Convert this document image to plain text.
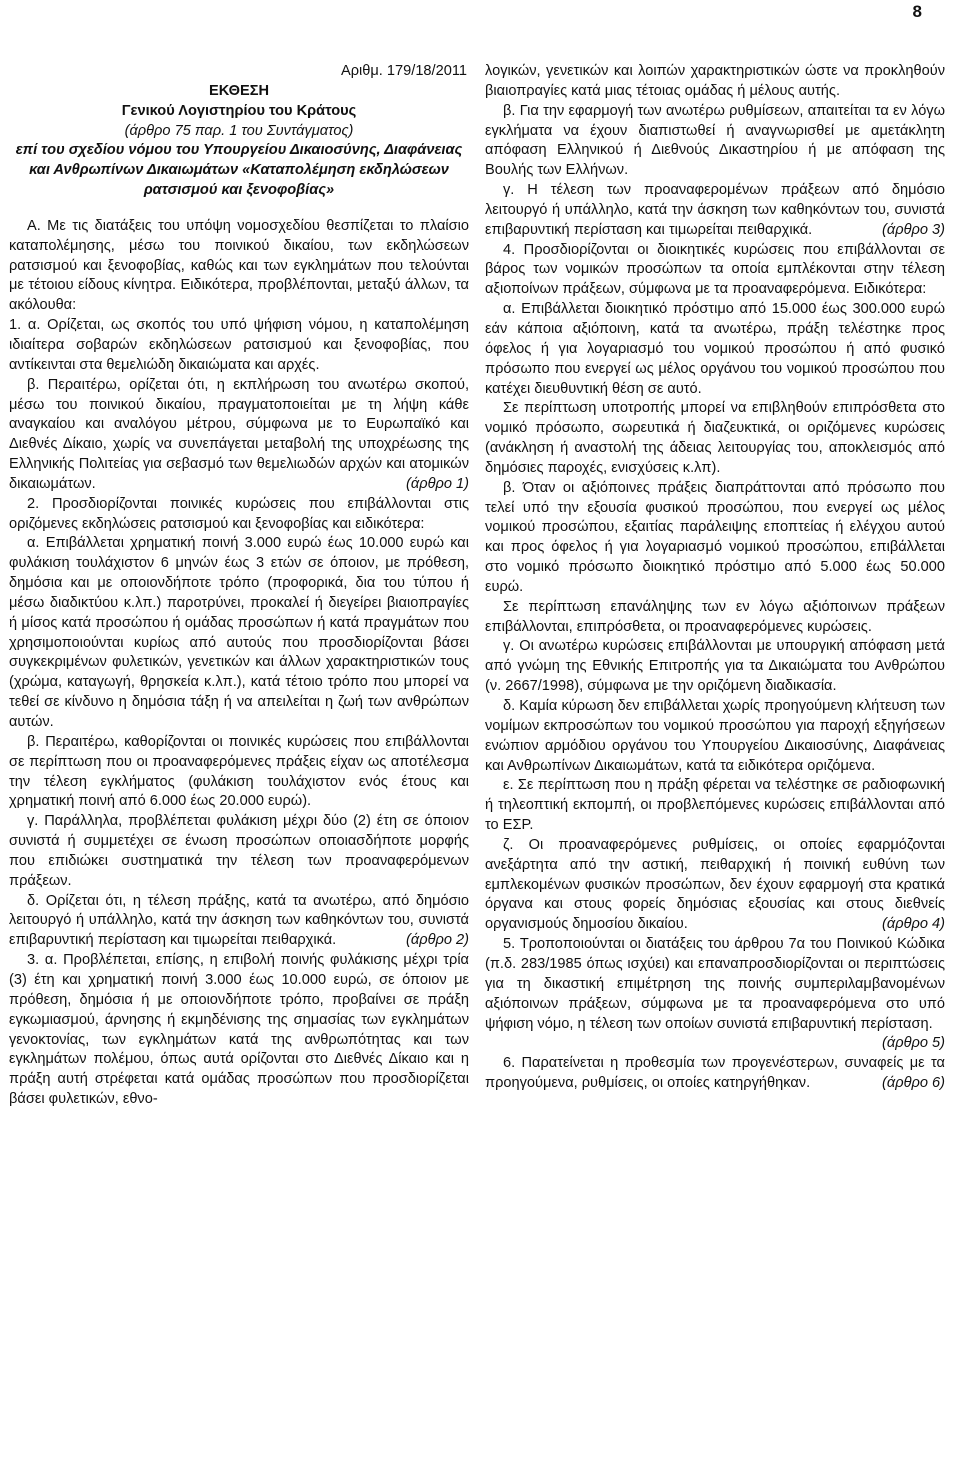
8
Αριθμ. 179/18/2011
ΕΚΘΕΣΗ
Γενικού Λογιστηρίου του Κράτους
(άρθρο 75 παρ. 1 του Συντάγματος)
επί του σχεδίου νόμου του Υπουργείου Δικαιοσύνης, Διαφάνειας και Ανθρωπίνων Δικαιωμάτων «Καταπολέμηση εκδηλώσεων ρατσισμού και ξενοφοβίας»
Α. Με τις διατάξεις του υπόψη νομοσχεδίου θεσπίζεται το πλαίσιο καταπολέμησης, μέσω του ποινικού δικαίου, των εκδηλώσεων ρατσισμού και ξενοφοβίας, καθώς και των εγκλημάτων που τελούνται με τέτοιου είδους κίνητρα. Ειδικότερα, προβλέπονται, μεταξύ άλλων, τα ακόλουθα:
1. α. Ορίζεται, ως σκοπός του υπό ψήφιση νόμου, η καταπολέμηση ιδιαίτερα σοβαρών εκδηλώσεων ρατσισμού και ξενοφοβίας, που αντίκεινται στα θεμελιώδη δικαιώματα και αρχές.
β. Περαιτέρω, ορίζεται ότι, η εκπλήρωση του ανωτέρω σκοπού, μέσω του ποινικού δικαίου, πραγματοποιείται με τη λήψη κάθε αναγκαίου και αναλόγου μέτρου, σύμφωνα με το Ευρωπαϊκό και Διεθνές Δίκαιο, χωρίς να συνεπάγεται μεταβολή της υποχρέωσης της Ελληνικής Πολιτείας για σεβασμό των θεμελιωδών αρχών και ατομικών δικαιωμάτων.	(άρθρο 1)
2. Προσδιορίζονται ποινικές κυρώσεις που επιβάλλονται στις οριζόμενες εκδηλώσεις ρατσισμού και ξενοφοβίας και ειδικότερα:
α. Επιβάλλεται χρηματική ποινή 3.000 ευρώ έως 10.000 ευρώ και φυλάκιση τουλάχιστον 6 μηνών έως 3 ετών σε όποιον, με πρόθεση, δημόσια και με οποιονδήποτε τρόπο (προφορικά, δια του τύπου ή μέσω διαδικτύου κ.λπ.) παροτρύνει, προκαλεί ή διεγείρει βιαιοπραγίες ή μίσος κατά προσώπου ή ομάδας προσώπων ή κατά πραγμάτων που χρησιμοποιούνται κυρίως από αυτούς που προσδιορίζονται βάσει συγκεκριμένων φυλετικών, γενετικών και άλλων χαρακτηριστικών τους (χρώμα, καταγωγή, θρησκεία κ.λπ.), κατά τέτοιο τρόπο που μπορεί να τεθεί σε κίνδυνο η δημόσια τάξη ή να απειλείται η ζωή των ανθρώπων αυτών.
β. Περαιτέρω, καθορίζονται οι ποινικές κυρώσεις που επιβάλλονται σε περίπτωση που οι προαναφερόμενες πράξεις είχαν ως αποτέλεσμα την τέλεση εγκλήματος (φυλάκιση τουλάχιστον ενός έτους και χρηματική ποινή από 6.000 έως 20.000 ευρώ).
γ. Παράλληλα, προβλέπεται φυλάκιση μέχρι δύο (2) έτη σε όποιον συνιστά ή συμμετέχει σε ένωση προσώπων οποιασδήποτε μορφής που επιδιώκει συστηματικά την τέλεση των προαναφερόμενων πράξεων.
δ. Ορίζεται ότι, η τέλεση πράξης, κατά τα ανωτέρω, από δημόσιο λειτουργό ή υπάλληλο, κατά την άσκηση των καθηκόντων του, συνιστά επιβαρυντική περίσταση και τιμωρείται πειθαρχικά.	(άρθρο 2)
3. α. Προβλέπεται, επίσης, η επιβολή ποινής φυλάκισης μέχρι τρία (3) έτη και χρηματική ποινή 3.000 έως 10.000 ευρώ, σε όποιον με πρόθεση, δημόσια ή με οποιονδήποτε τρόπο, προβαίνει σε πράξη εγκωμιασμού, άρνησης ή εκμηδένισης της σημασίας των εγκλημάτων γενοκτονίας, των εγκλημάτων κατά της ανθρωπότητας και των εγκλημάτων πολέμου, όπως αυτά ορίζονται στο Διεθνές Δίκαιο και η πράξη αυτή στρέφεται κατά ομάδας προσώπων που προσδιορίζεται βάσει φυλετικών, εθνο-
λογικών, γενετικών και λοιπών χαρακτηριστικών ώστε να προκληθούν βιαιοπραγίες κατά μιας τέτοιας ομάδας ή μέλους αυτής.
β. Για την εφαρμογή των ανωτέρω ρυθμίσεων, απαιτείται τα εν λόγω εγκλήματα να έχουν διαπιστωθεί ή αναγνωρισθεί με αμετάκλητη απόφαση Ελληνικού ή Διεθνούς Δικαστηρίου ή με απόφαση της Βουλής των Ελλήνων.
γ. Η τέλεση των προαναφερομένων πράξεων από δημόσιο λειτουργό ή υπάλληλο, κατά την άσκηση των καθηκόντων του, συνιστά επιβαρυντική περίσταση και τιμωρείται πειθαρχικά.	(άρθρο 3)
4. Προσδιορίζονται οι διοικητικές κυρώσεις που επιβάλλονται σε βάρος των νομικών προσώπων τα οποία εμπλέκονται στην τέλεση αξιοποίνων πράξεων, σύμφωνα με τα προαναφερόμενα. Ειδικότερα:
α. Επιβάλλεται διοικητικό πρόστιμο από 15.000 έως 300.000 ευρώ εάν κάποια αξιόποινη, κατά τα ανωτέρω, πράξη τελέστηκε προς όφελος ή για λογαριασμό του νομικού προσώπου ή από φυσικό πρόσωπο που ενεργεί ως μέλος οργάνου του νομικού προσώπου που κατέχει διευθυντική θέση σε αυτό.
Σε περίπτωση υποτροπής μπορεί να επιβληθούν επιπρόσθετα στο νομικό πρόσωπο, σωρευτικά ή διαζευκτικά, οι οριζόμενες κυρώσεις (ανάκληση ή αναστολή της άδειας λειτουργίας του, αποκλεισμός από δημόσιες παροχές, ενισχύσεις κ.λπ).
β. Όταν οι αξιόποινες πράξεις διαπράττονται από πρόσωπο που τελεί υπό την εξουσία φυσικού προσώπου, που ενεργεί ως μέλος νομικού προσώπου, εξαιτίας παράλειψης εποπτείας ή ελέγχου αυτού και προς όφελος ή για λογαριασμό νομικού προσώπου, επιβάλλεται στο νομικό πρόσωπο διοικητικό πρόστιμο από 5.000 έως 50.000 ευρώ.
Σε περίπτωση επανάληψης των εν λόγω αξιόποινων πράξεων επιβάλλονται, επιπρόσθετα, οι προαναφερόμενες κυρώσεις.
γ. Οι ανωτέρω κυρώσεις επιβάλλονται με υπουργική απόφαση μετά από γνώμη της Εθνικής Επιτροπής για τα Δικαιώματα του Ανθρώπου (ν. 2667/1998), σύμφωνα με την οριζόμενη διαδικασία.
δ. Καμία κύρωση δεν επιβάλλεται χωρίς προηγούμενη κλήτευση των νομίμων εκπροσώπων του νομικού προσώπου για παροχή εξηγήσεων ενώπιον αρμόδιου οργάνου του Υπουργείου Δικαιοσύνης, Διαφάνειας και Ανθρωπίνων Δικαιωμάτων, κατά τα ειδικότερα οριζόμενα.
ε. Σε περίπτωση που η πράξη φέρεται να τελέστηκε σε ραδιοφωνική ή τηλεοπτική εκπομπή, οι προβλεπόμενες κυρώσεις επιβάλλονται από το ΕΣΡ.
ζ. Οι προαναφερόμενες ρυθμίσεις, οι οποίες εφαρμόζονται ανεξάρτητα από την αστική, πειθαρχική ή ποινική ευθύνη των εμπλεκομένων φυσικών προσώπων, δεν έχουν εφαρμογή στα κρατικά όργανα και στους φορείς δημόσιας εξουσίας και στους διεθνείς οργανισμούς δημοσίου δικαίου.	(άρθρο 4)
5. Τροποποιούνται οι διατάξεις του άρθρου 7α του Ποινικού Κώδικα (π.δ. 283/1985 όπως ισχύει) και επαναπροσδιορίζονται οι περιπτώσεις για τη δικαστική επιμέτρηση της ποινής συμπεριλαμβανομένων αξιόποινων πράξεων, σύμφωνα με τα προαναφερόμενα στο υπό ψήφιση νόμο, η τέλεση των οποίων συνιστά επιβαρυντική περίσταση.
(άρθρο 5)
6. Παρατείνεται η προθεσμία των προγενέστερων, συναφείς με τα προηγούμενα, ρυθμίσεις, οι οποίες κατηργήθηκαν.	(άρθρο 6)
